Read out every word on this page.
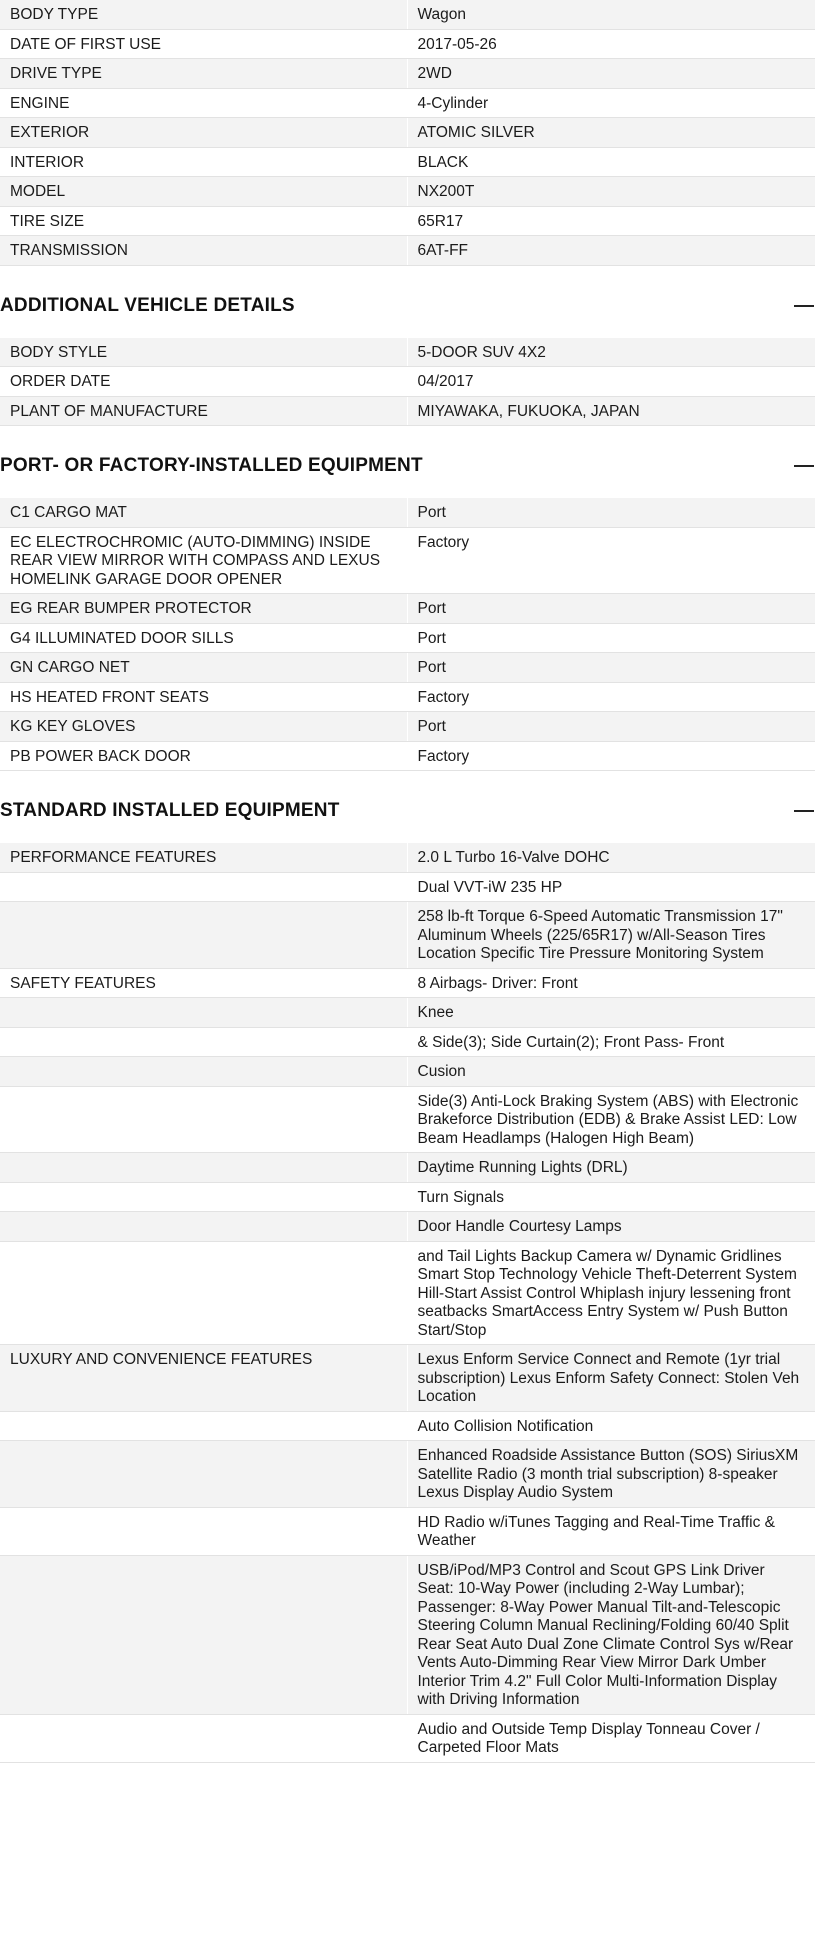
BODY TYPE	Wagon
DATE OF FIRST USE	2017-05-26
DRIVE TYPE	2WD
ENGINE	4-Cylinder
EXTERIOR	ATOMIC SILVER
INTERIOR	BLACK
MODEL	NX200T
TIRE SIZE	65R17
TRANSMISSION	6AT-FF
ADDITIONAL VEHICLE DETAILS
BODY STYLE	5-DOOR SUV 4X2
ORDER DATE	04/2017
PLANT OF MANUFACTURE	MIYAWAKA, FUKUOKA, JAPAN
PORT- OR FACTORY-INSTALLED EQUIPMENT
C1 CARGO MAT	Port
EC ELECTROCHROMIC (AUTO-DIMMING) INSIDE REAR VIEW MIRROR WITH COMPASS AND LEXUS HOMELINK GARAGE DOOR OPENER	Factory
EG REAR BUMPER PROTECTOR	Port
G4 ILLUMINATED DOOR SILLS	Port
GN CARGO NET	Port
HS HEATED FRONT SEATS	Factory
KG KEY GLOVES	Port
PB POWER BACK DOOR	Factory
STANDARD INSTALLED EQUIPMENT
PERFORMANCE FEATURES	2.0 L Turbo 16-Valve DOHC
	Dual VVT-iW 235 HP
	258 lb-ft Torque 6-Speed Automatic Transmission 17" Aluminum Wheels (225/65R17) w/All-Season Tires Location Specific Tire Pressure Monitoring System
SAFETY FEATURES	8 Airbags- Driver: Front
	Knee
	& Side(3); Side Curtain(2); Front Pass- Front
	Cusion
	Side(3) Anti-Lock Braking System (ABS) with Electronic Brakeforce Distribution (EDB) & Brake Assist LED: Low Beam Headlamps (Halogen High Beam)
	Daytime Running Lights (DRL)
	Turn Signals
	Door Handle Courtesy Lamps
	and Tail Lights Backup Camera w/ Dynamic Gridlines Smart Stop Technology Vehicle Theft-Deterrent System Hill-Start Assist Control Whiplash injury lessening front seatbacks SmartAccess Entry System w/ Push Button Start/Stop
LUXURY AND CONVENIENCE FEATURES	Lexus Enform Service Connect and Remote (1yr trial subscription) Lexus Enform Safety Connect: Stolen Veh Location
	Auto Collision Notification
	Enhanced Roadside Assistance Button (SOS) SiriusXM Satellite Radio (3 month trial subscription) 8-speaker Lexus Display Audio System
	HD Radio w/iTunes Tagging and Real-Time Traffic & Weather
	USB/iPod/MP3 Control and Scout GPS Link Driver Seat: 10-Way Power (including 2-Way Lumbar); Passenger: 8-Way Power Manual Tilt-and-Telescopic Steering Column Manual Reclining/Folding 60/40 Split Rear Seat Auto Dual Zone Climate Control Sys w/Rear Vents Auto-Dimming Rear View Mirror Dark Umber Interior Trim 4.2" Full Color Multi-Information Display with Driving Information
	Audio and Outside Temp Display Tonneau Cover / Carpeted Floor Mats
